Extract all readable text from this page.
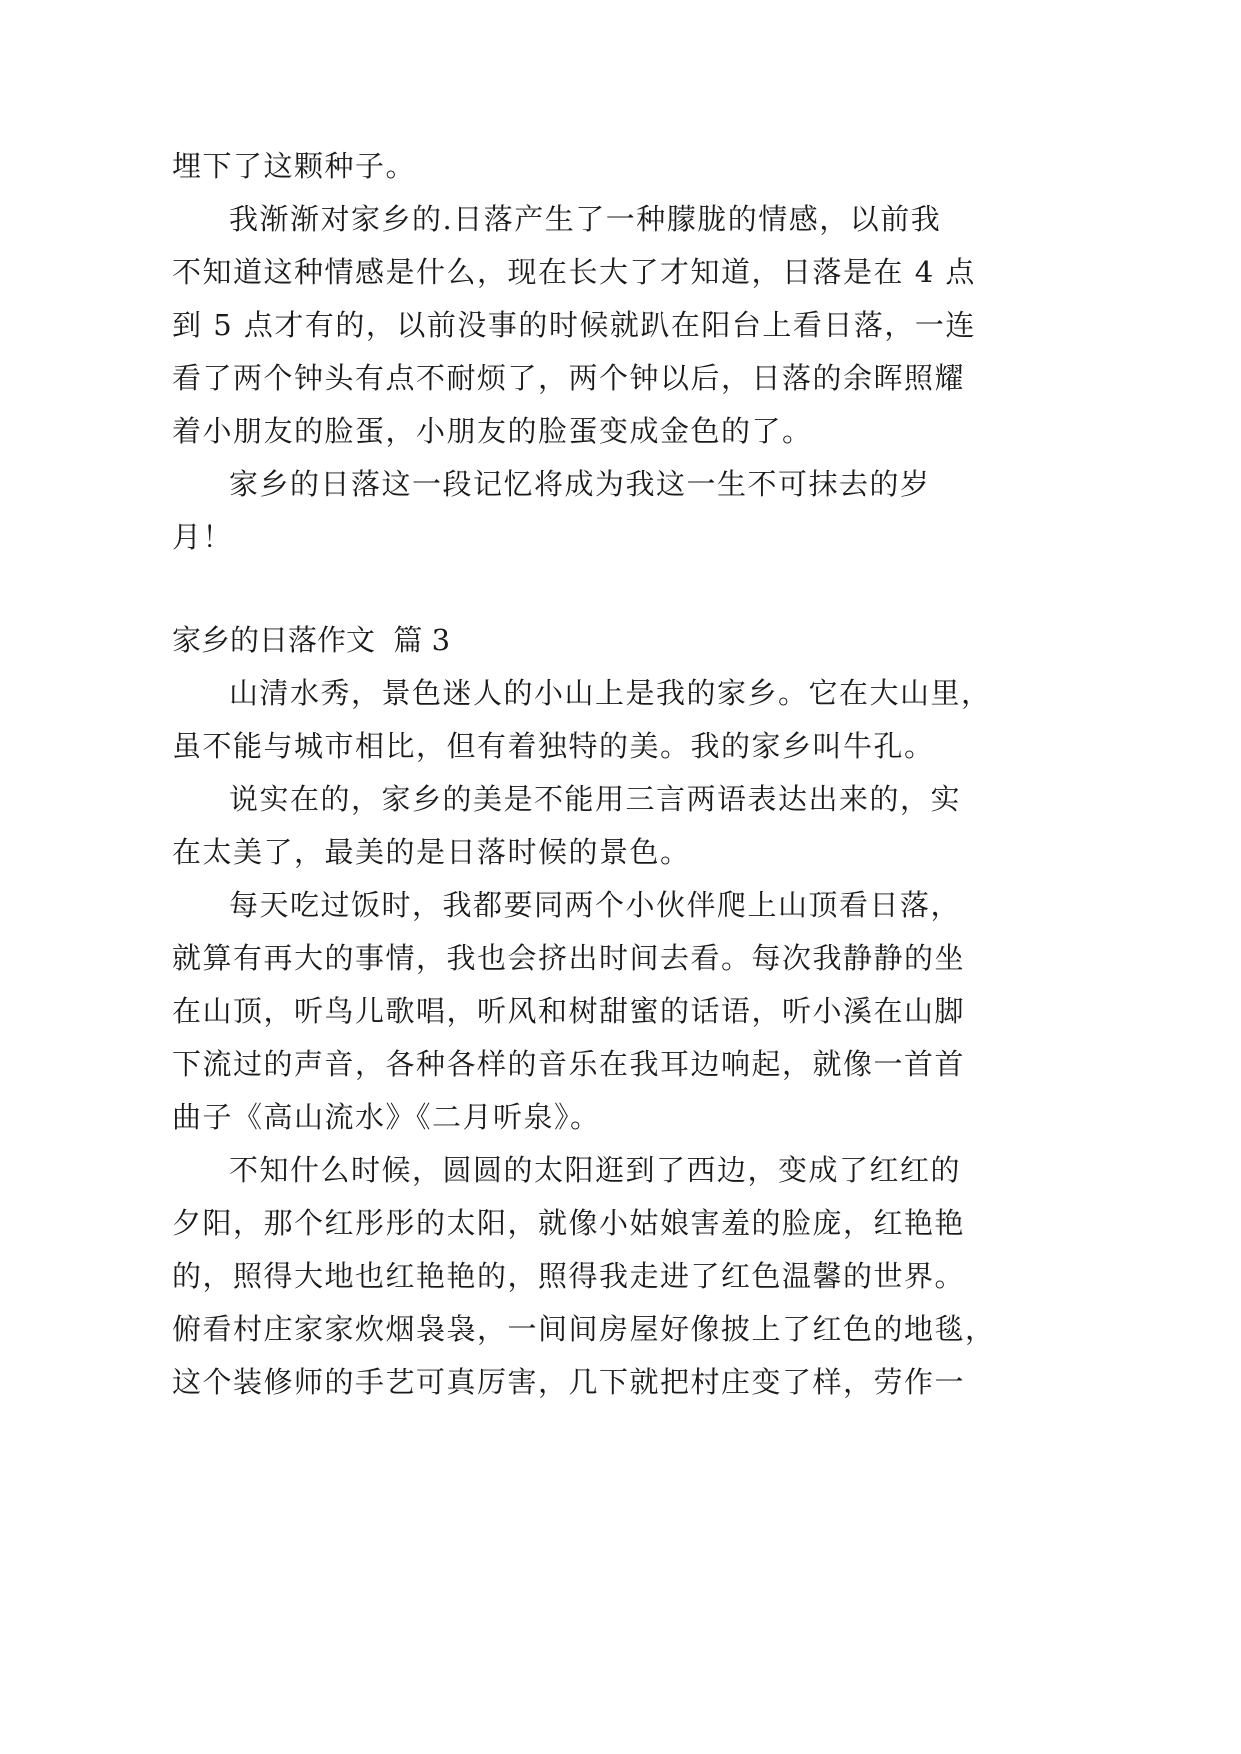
埋下了这颗种子。

我渐渐对家乡的.日落产生了一种朦胧的情感，以前我

不知道这种情感是什么，现在长大了才知道，日落是在 4 点

到 5 点才有的，以前没事的时候就趴在阳台上看日落，一连

看了两个钟头有点不耐烦了，两个钟以后，日落的余晖照耀

着小朋友的脸蛋，小朋友的脸蛋变成金色的了。

家乡的日落这一段记忆将成为我这一生不可抹去的岁

月！

家乡的日落作文  篇 3

山清水秀，景色迷人的小山上是我的家乡。它在大山里，

虽不能与城市相比，但有着独特的美。我的家乡叫牛孔。

说实在的，家乡的美是不能用三言两语表达出来的，实

在太美了，最美的是日落时候的景色。

每天吃过饭时，我都要同两个小伙伴爬上山顶看日落，

就算有再大的事情，我也会挤出时间去看。每次我静静的坐

在山顶，听鸟儿歌唱，听风和树甜蜜的话语，听小溪在山脚

下流过的声音，各种各样的音乐在我耳边响起，就像一首首

曲子《高山流水》《二月听泉》。

不知什么时候，圆圆的太阳逛到了西边，变成了红红的

夕阳，那个红彤彤的太阳，就像小姑娘害羞的脸庞，红艳艳

的，照得大地也红艳艳的，照得我走进了红色温馨的世界。

俯看村庄家家炊烟袅袅，一间间房屋好像披上了红色的地毯，

这个装修师的手艺可真厉害，几下就把村庄变了样，劳作一
